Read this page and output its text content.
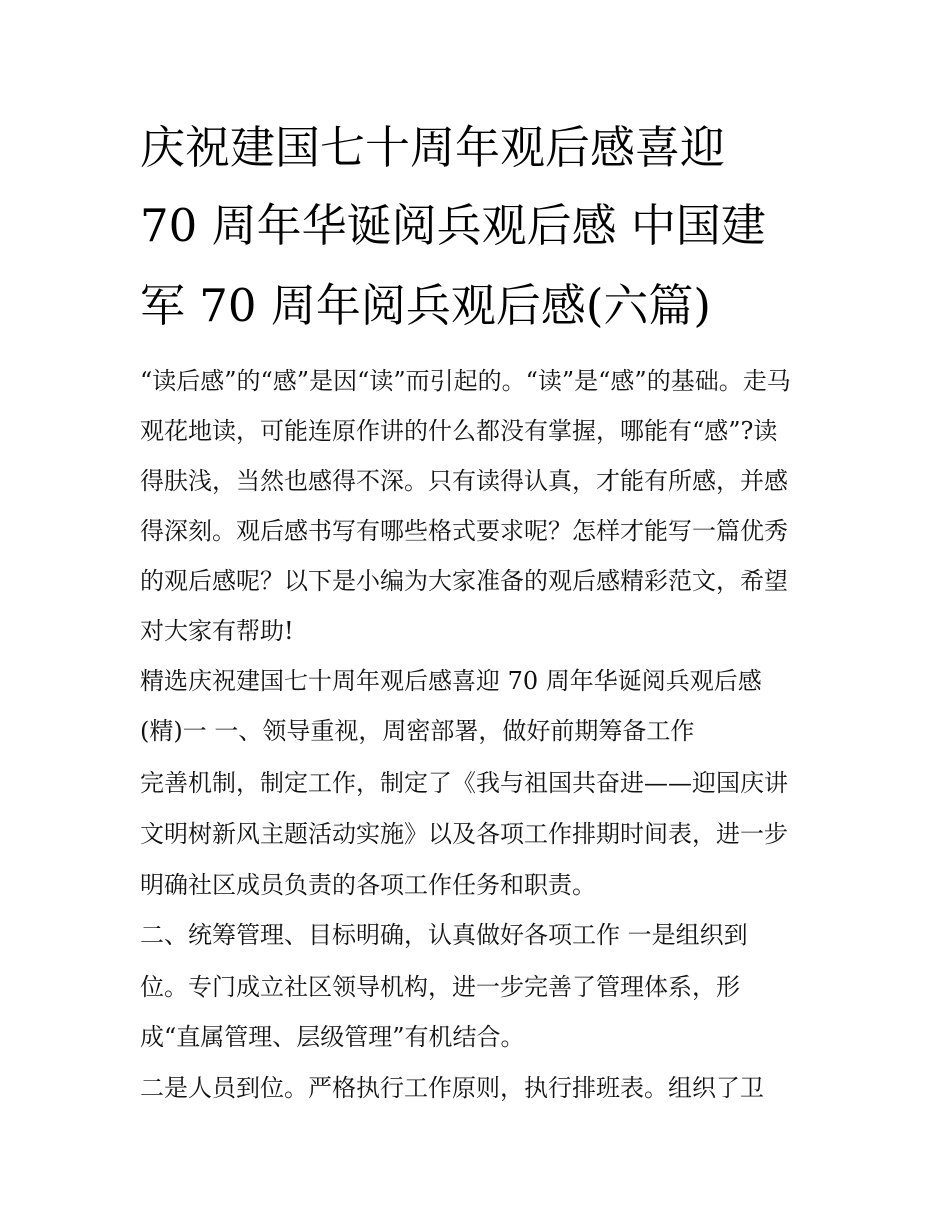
庆祝建国七十周年观后感喜迎
70 周年华诞阅兵观后感 中国建
军 70 周年阅兵观后感(六篇)
“读后感”的“感”是因“读”而引起的。“读”是“感”的基础。走马
观花地读，可能连原作讲的什么都没有掌握，哪能有“感”?读
得肤浅，当然也感得不深。只有读得认真，才能有所感，并感
得深刻。观后感书写有哪些格式要求呢？怎样才能写一篇优秀
的观后感呢？以下是小编为大家准备的观后感精彩范文，希望
对大家有帮助!
精选庆祝建国七十周年观后感喜迎 70 周年华诞阅兵观后感
(精)一 一、领导重视，周密部署，做好前期筹备工作
完善机制，制定工作，制定了《我与祖国共奋进——迎国庆讲
文明树新风主题活动实施》以及各项工作排期时间表，进一步
明确社区成员负责的各项工作任务和职责。
二、统筹管理、目标明确，认真做好各项工作 一是组织到
位。专门成立社区领导机构，进一步完善了管理体系，形
成“直属管理、层级管理”有机结合。
二是人员到位。严格执行工作原则，执行排班表。组织了卫
